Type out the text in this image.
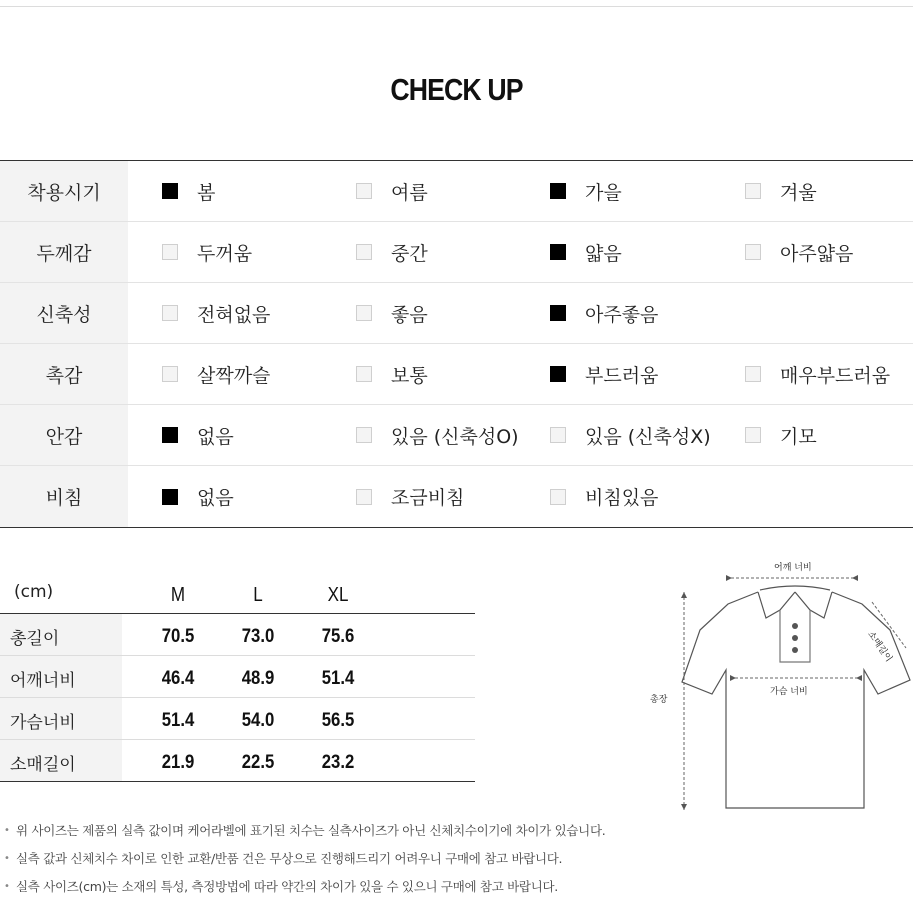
CHECK UP
착용시기	봄	여름	가을	겨울
두께감	두꺼움	중간	얇음	아주얇음
신축성	전혀없음	좋음	아주좋음
촉감	살짝까슬	보통	부드러움	매우부드러움
안감	없음	있음 (신축성O)	있음 (신축성X)	기모
비침	없음	조금비침	비침있음
(cm)	M	L	XL
총길이	70.5	73.0	75.6
어깨너비	46.4	48.9	51.4
가슴너비	51.4	54.0	56.5
소매길이	21.9	22.5	23.2
어깨 너비
소매길이
총장
가슴 너비
• 위 사이즈는 제품의 실측 값이며 케어라벨에 표기된 치수는 실측사이즈가 아닌 신체치수이기에 차이가 있습니다.
• 실측 값과 신체치수 차이로 인한 교환/반품 건은 무상으로 진행해드리기 어려우니 구매에 참고 바랍니다.
• 실측 사이즈(cm)는 소재의 특성, 측정방법에 따라 약간의 차이가 있을 수 있으니 구매에 참고 바랍니다.
